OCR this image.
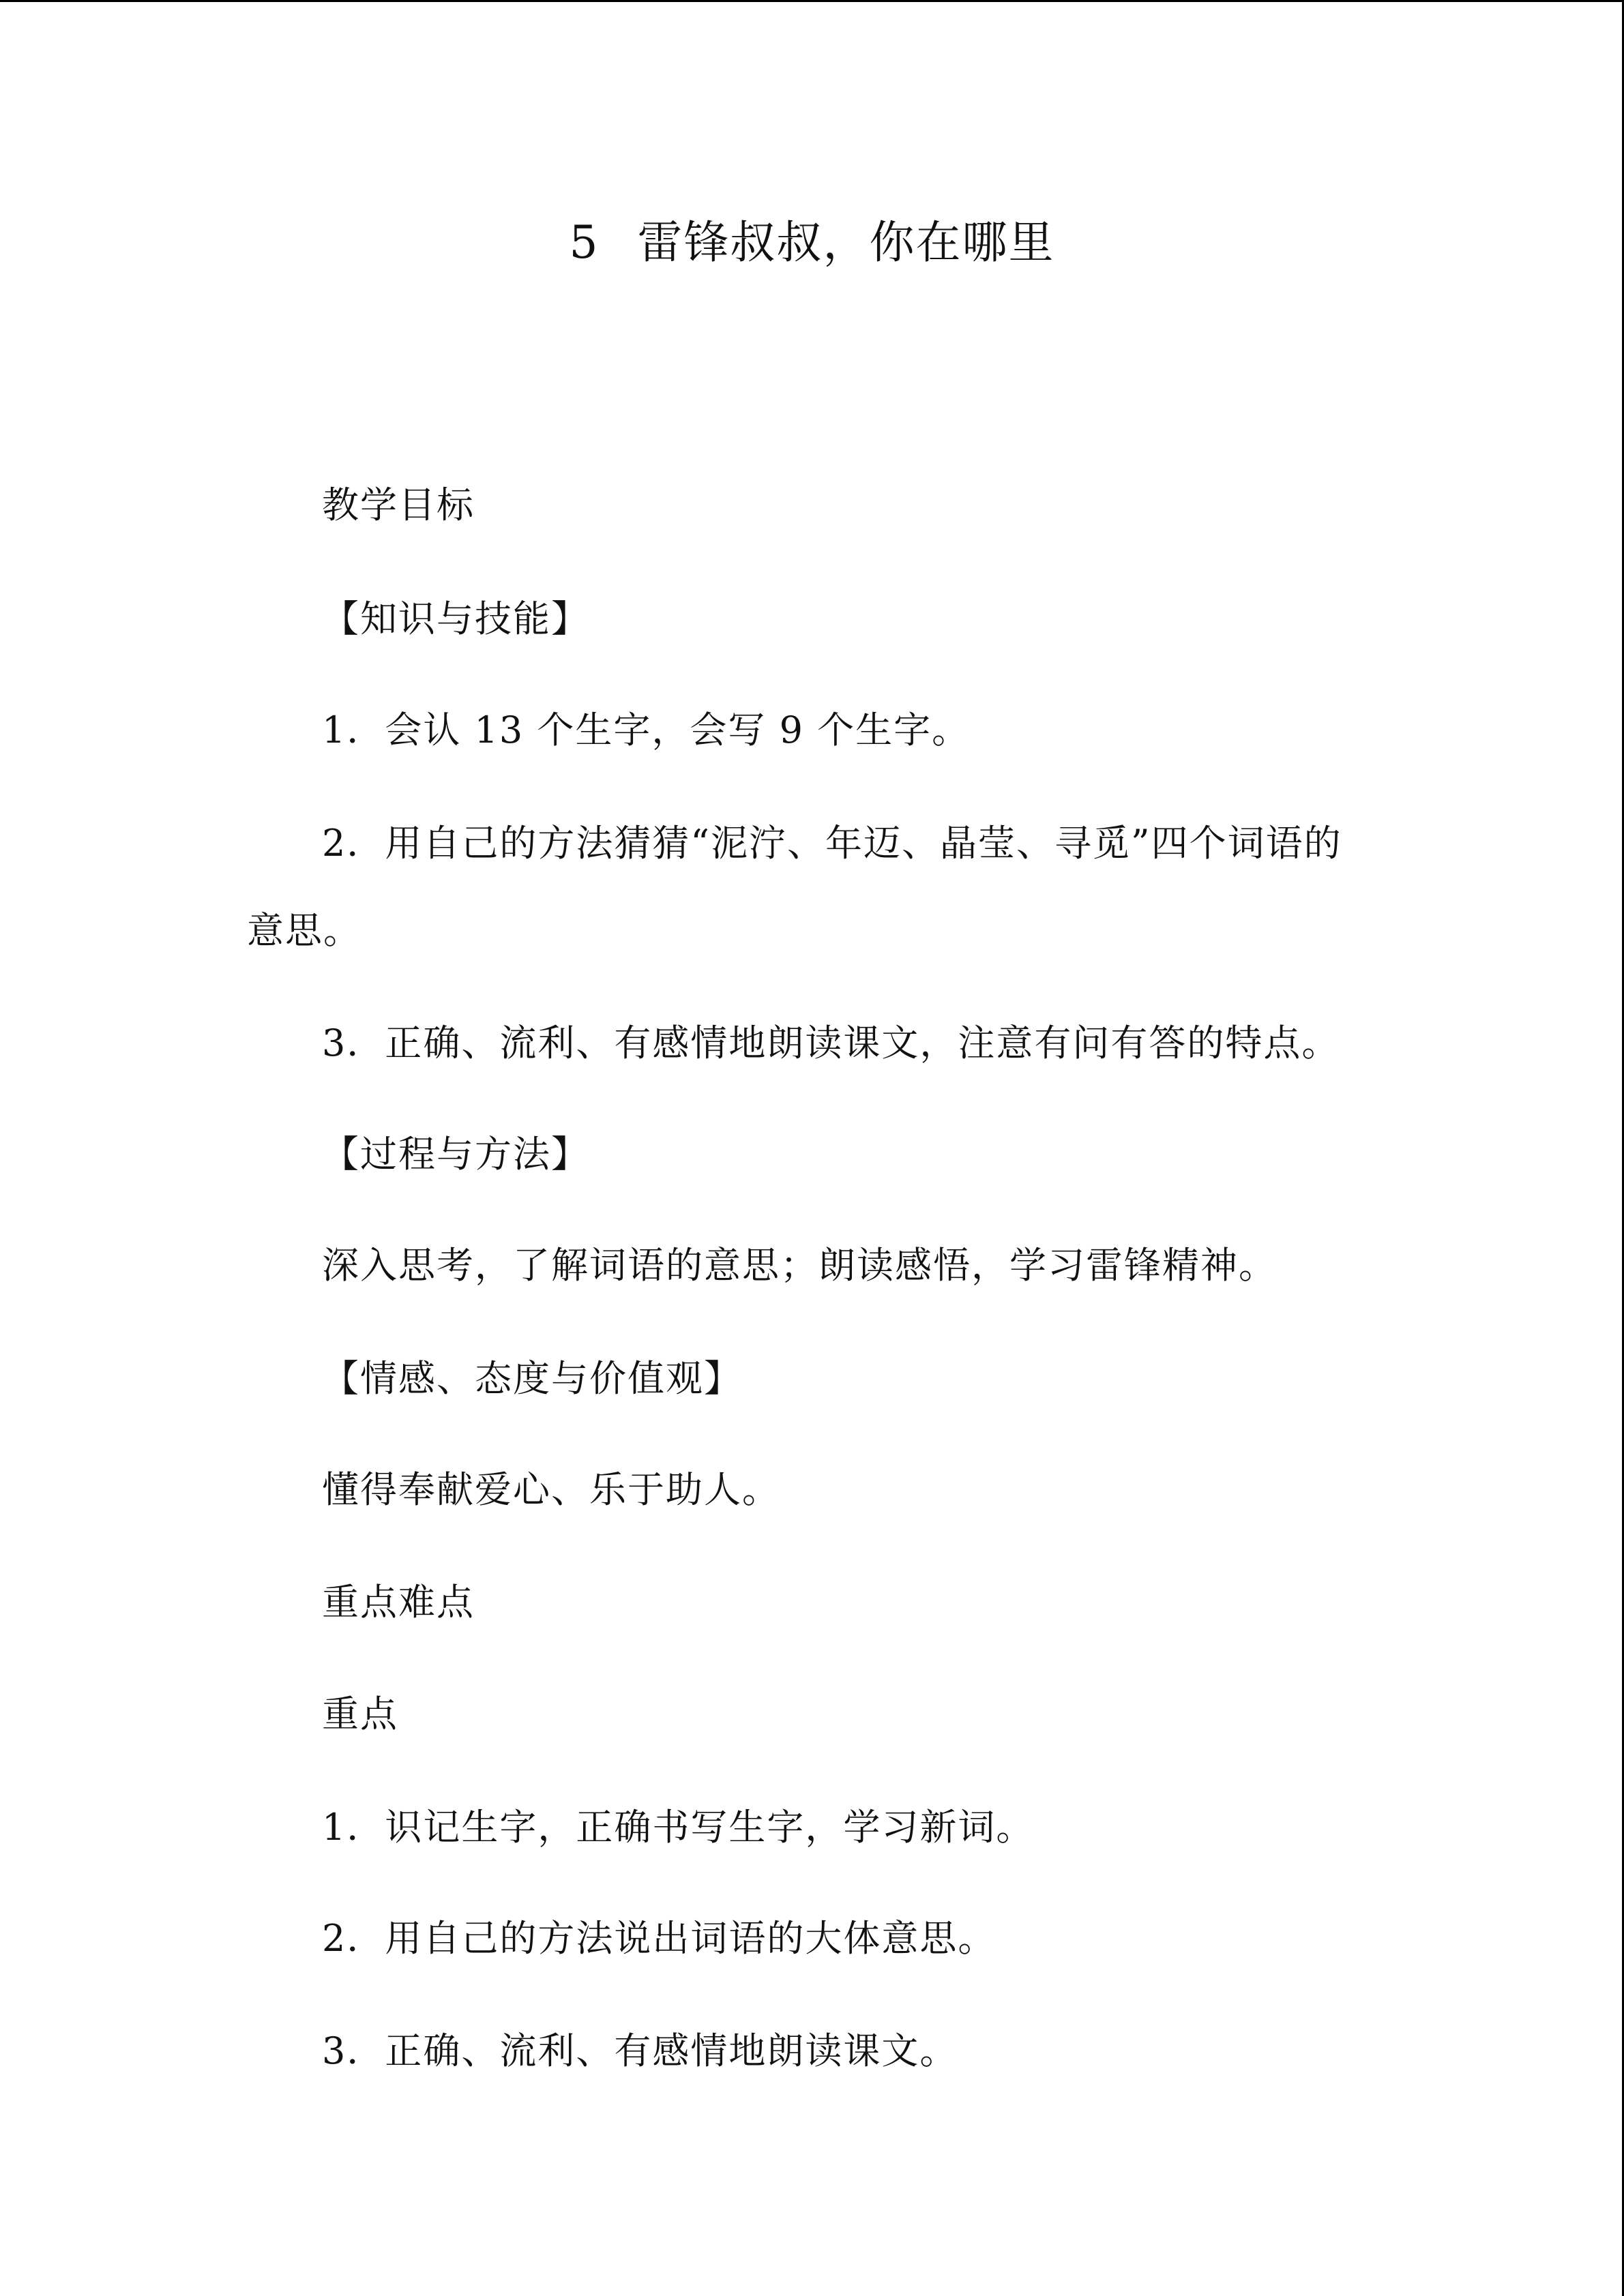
5 雷锋叔叔，你在哪里
教学目标
【知识与技能】
1．会认 13 个生字，会写 9 个生字。
2．用自己的方法猜猜“泥泞、年迈、晶莹、寻觅”四个词语的
意思。
3．正确、流利、有感情地朗读课文，注意有问有答的特点。
【过程与方法】
深入思考，了解词语的意思；朗读感悟，学习雷锋精神。
【情感、态度与价值观】
懂得奉献爱心、乐于助人。
重点难点
重点
1．识记生字，正确书写生字，学习新词。
2．用自己的方法说出词语的大体意思。
3．正确、流利、有感情地朗读课文。
